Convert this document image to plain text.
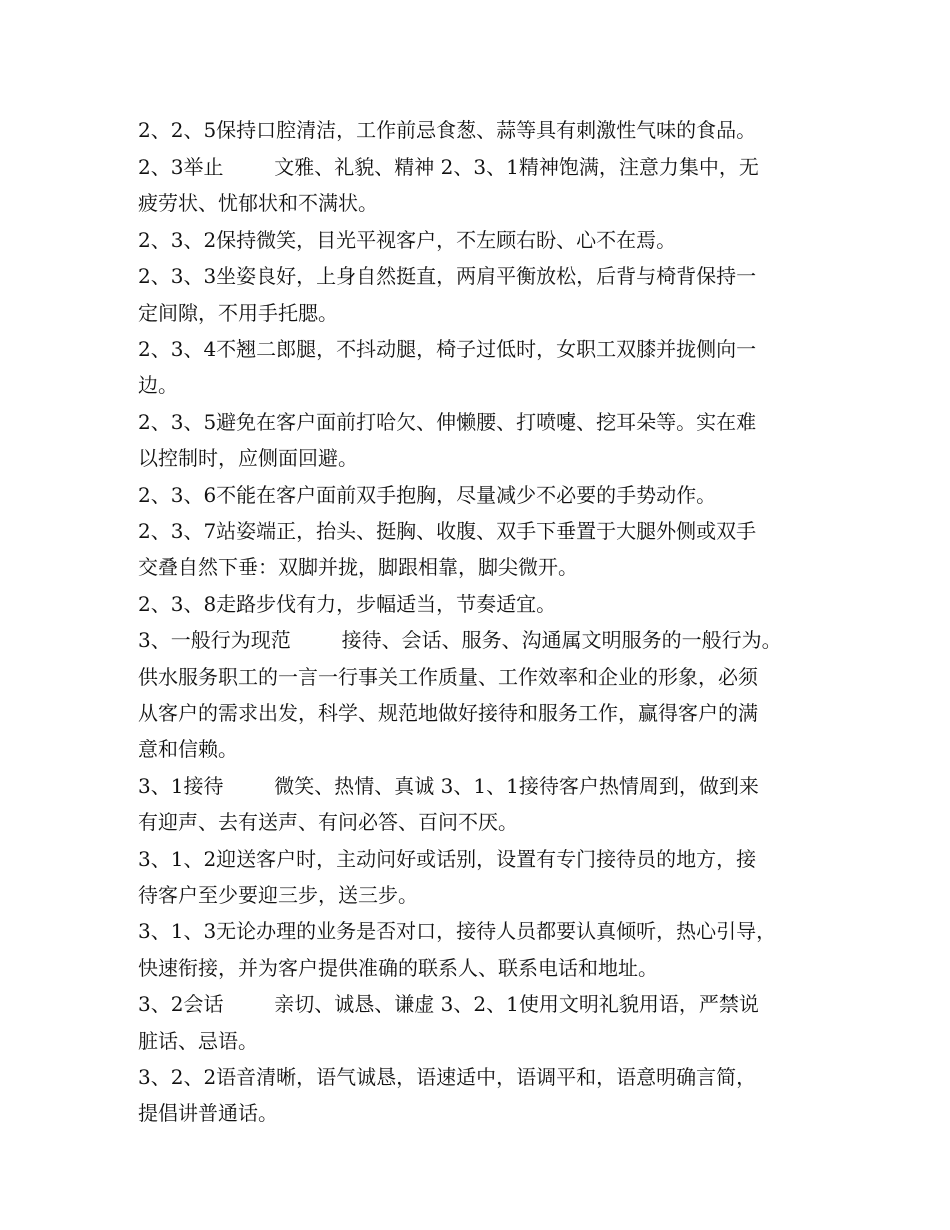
2、2、5保持口腔清洁，工作前忌食葱、蒜等具有刺激性气味的食品。
2、3举止        文雅、礼貌、精神 2、3、1精神饱满，注意力集中，无
疲劳状、忧郁状和不满状。
2、3、2保持微笑，目光平视客户，不左顾右盼、心不在焉。
2、3、3坐姿良好，上身自然挺直，两肩平衡放松，后背与椅背保持一
定间隙，不用手托腮。
2、3、4不翘二郎腿，不抖动腿，椅子过低时，女职工双膝并拢侧向一
边。
2、3、5避免在客户面前打哈欠、伸懒腰、打喷嚏、挖耳朵等。实在难
以控制时，应侧面回避。
2、3、6不能在客户面前双手抱胸，尽量减少不必要的手势动作。
2、3、7站姿端正，抬头、挺胸、收腹、双手下垂置于大腿外侧或双手
交叠自然下垂：双脚并拢，脚跟相靠，脚尖微开。
2、3、8走路步伐有力，步幅适当，节奏适宜。
3、一般行为现范        接待、会话、服务、沟通属文明服务的一般行为。
供水服务职工的一言一行事关工作质量、工作效率和企业的形象，必须
从客户的需求出发，科学、规范地做好接待和服务工作，赢得客户的满
意和信赖。
3、1接待        微笑、热情、真诚 3、1、1接待客户热情周到，做到来
有迎声、去有送声、有问必答、百问不厌。
3、1、2迎送客户时，主动问好或话别，设置有专门接待员的地方，接
待客户至少要迎三步，送三步。
3、1、3无论办理的业务是否对口，接待人员都要认真倾听，热心引导，
快速衔接，并为客户提供准确的联系人、联系电话和地址。
3、2会话        亲切、诚恳、谦虚 3、2、1使用文明礼貌用语，严禁说
脏话、忌语。
3、2、2语音清晰，语气诚恳，语速适中，语调平和，语意明确言简，
提倡讲普通话。
